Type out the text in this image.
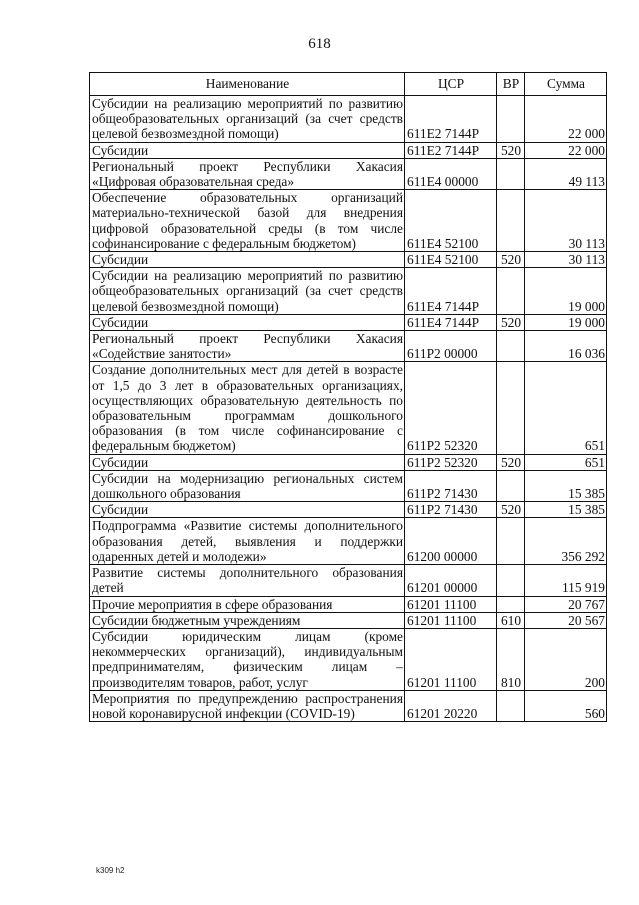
618
Наименование	ЦСР	ВР	Сумма
Субсидии на реализацию мероприятий по развитию общеобразовательных организаций (за счет средств целевой безвозмездной помощи)	611E2 7144P		22 000
Субсидии	611E2 7144P	520	22 000
Региональный проект Республики Хакасия «Цифровая образовательная среда»	611E4 00000		49 113
Обеспечение образовательных организаций материально-технической базой для внедрения цифровой образовательной среды (в том числе софинансирование с федеральным бюджетом)	611E4 52100		30 113
Субсидии	611E4 52100	520	30 113
Субсидии на реализацию мероприятий по развитию общеобразовательных организаций (за счет средств целевой безвозмездной помощи)	611E4 7144P		19 000
Субсидии	611E4 7144P	520	19 000
Региональный проект Республики Хакасия «Содействие занятости»	611P2 00000		16 036
Создание дополнительных мест для детей в возрасте от 1,5 до 3 лет в образовательных организациях, осуществляющих образовательную деятельность по образовательным программам дошкольного образования (в том числе софинансирование с федеральным бюджетом)	611P2 52320		651
Субсидии	611P2 52320	520	651
Субсидии на модернизацию региональных систем дошкольного образования	611P2 71430		15 385
Субсидии	611P2 71430	520	15 385
Подпрограмма «Развитие системы дополнительного образования детей, выявления и поддержки одаренных детей и молодежи»	61200 00000		356 292
Развитие системы дополнительного образования детей	61201 00000		115 919
Прочие мероприятия в сфере образования	61201 11100		20 767
Субсидии бюджетным учреждениям	61201 11100	610	20 567
Субсидии юридическим лицам (кроме некоммерческих организаций), индивидуальным предпринимателям, физическим лицам – производителям товаров, работ, услуг	61201 11100	810	200
Мероприятия по предупреждению распространения новой коронавирусной инфекции (COVID-19)	61201 20220		560
k309 h2
